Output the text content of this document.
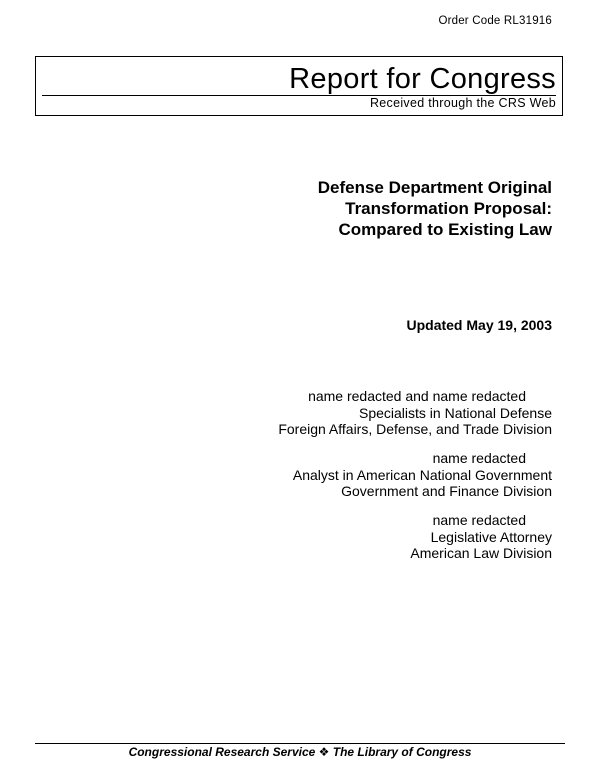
Order Code RL31916
Report for Congress
Received through the CRS Web
Defense Department Original
Transformation Proposal:
Compared to Existing Law
Updated May 19, 2003
name redacted and name redacted
Specialists in National Defense
Foreign Affairs, Defense, and Trade Division
name redacted
Analyst in American National Government
Government and Finance Division
name redacted
Legislative Attorney
American Law Division
Congressional Research Service ❖ The Library of Congress
